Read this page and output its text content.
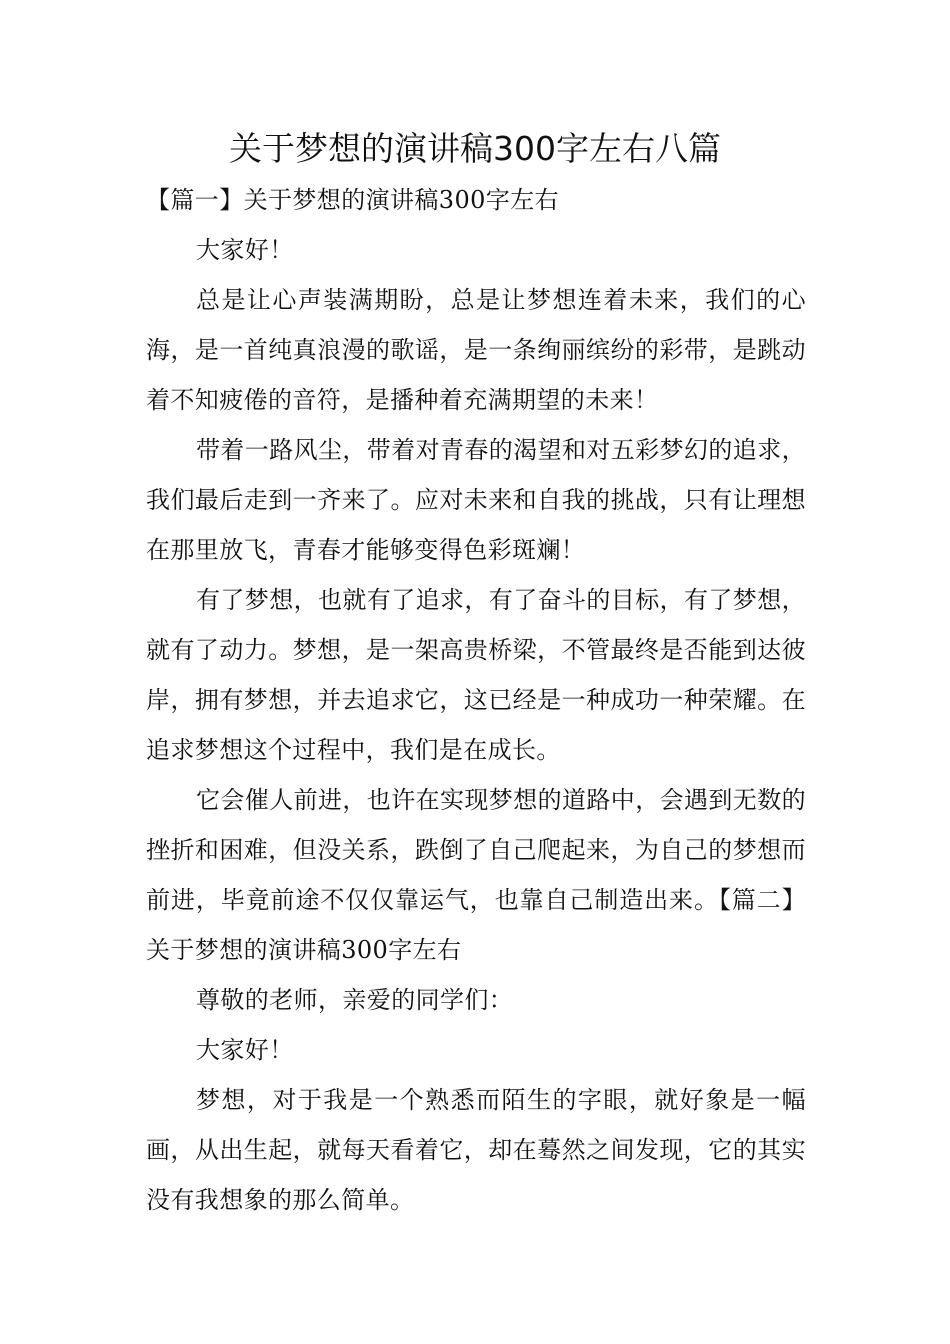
关于梦想的演讲稿300字左右八篇

【篇一】关于梦想的演讲稿300字左右

大家好！

总是让心声装满期盼，总是让梦想连着未来，我们的心海，是一首纯真浪漫的歌谣，是一条绚丽缤纷的彩带，是跳动着不知疲倦的音符，是播种着充满期望的未来！

带着一路风尘，带着对青春的渴望和对五彩梦幻的追求，我们最后走到一齐来了。应对未来和自我的挑战，只有让理想在那里放飞，青春才能够变得色彩斑斓！

有了梦想，也就有了追求，有了奋斗的目标，有了梦想，就有了动力。梦想，是一架高贵桥梁，不管最终是否能到达彼岸，拥有梦想，并去追求它，这已经是一种成功一种荣耀。在追求梦想这个过程中，我们是在成长。

它会催人前进，也许在实现梦想的道路中，会遇到无数的挫折和困难，但没关系，跌倒了自己爬起来，为自己的梦想而前进，毕竟前途不仅仅靠运气，也靠自己制造出来。【篇二】关于梦想的演讲稿300字左右

尊敬的老师，亲爱的同学们：

大家好！

梦想，对于我是一个熟悉而陌生的字眼，就好象是一幅画，从出生起，就每天看着它，却在蓦然之间发现，它的其实没有我想象的那么简单。
